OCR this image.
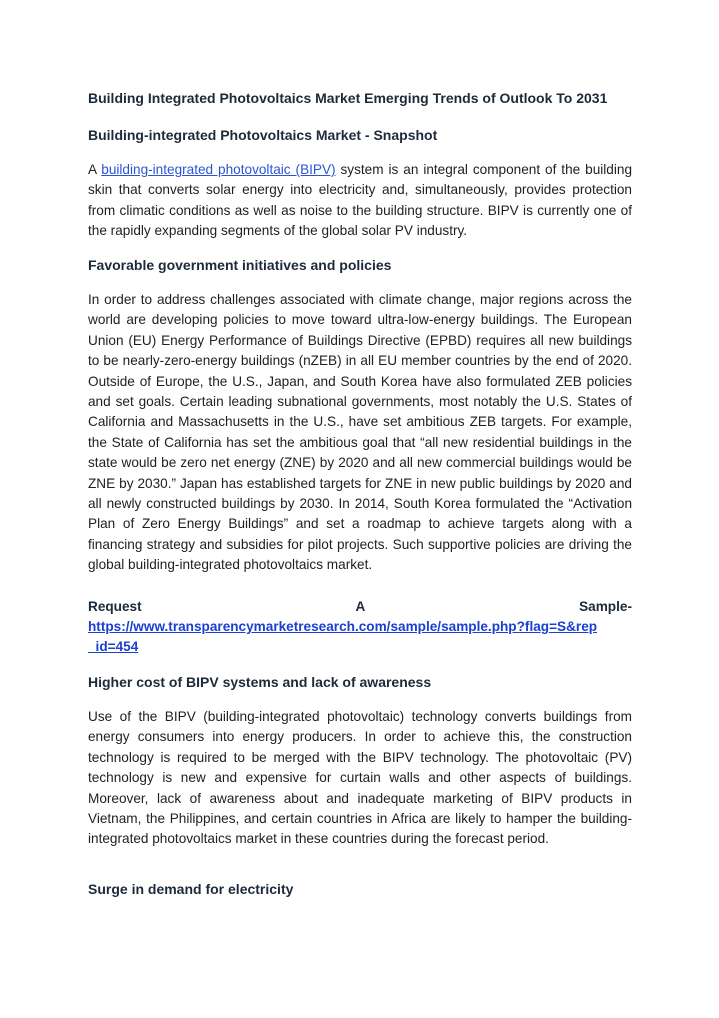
Building Integrated Photovoltaics Market Emerging Trends of Outlook To 2031
Building-integrated Photovoltaics Market - Snapshot

A building-integrated photovoltaic (BIPV) system is an integral component of the building skin that converts solar energy into electricity and, simultaneously, provides protection from climatic conditions as well as noise to the building structure. BIPV is currently one of the rapidly expanding segments of the global solar PV industry.

Favorable government initiatives and policies

In order to address challenges associated with climate change, major regions across the world are developing policies to move toward ultra-low-energy buildings. The European Union (EU) Energy Performance of Buildings Directive (EPBD) requires all new buildings to be nearly-zero-energy buildings (nZEB) in all EU member countries by the end of 2020. Outside of Europe, the U.S., Japan, and South Korea have also formulated ZEB policies and set goals. Certain leading subnational governments, most notably the U.S. States of California and Massachusetts in the U.S., have set ambitious ZEB targets. For example, the State of California has set the ambitious goal that “all new residential buildings in the state would be zero net energy (ZNE) by 2020 and all new commercial buildings would be ZNE by 2030.” Japan has established targets for ZNE in new public buildings by 2020 and all newly constructed buildings by 2030. In 2014, South Korea formulated the “Activation Plan of Zero Energy Buildings” and set a roadmap to achieve targets along with a financing strategy and subsidies for pilot projects. Such supportive policies are driving the global building-integrated photovoltaics market.

Request	A	Sample-
https://www.transparencymarketresearch.com/sample/sample.php?flag=S&rep
_id=454
Higher cost of BIPV systems and lack of awareness

Use of the BIPV (building-integrated photovoltaic) technology converts buildings from energy consumers into energy producers. In order to achieve this, the construction technology is required to be merged with the BIPV technology. The photovoltaic (PV) technology is new and expensive for curtain walls and other aspects of buildings. Moreover, lack of awareness about and inadequate marketing of BIPV products in Vietnam, the Philippines, and certain countries in Africa are likely to hamper the building-integrated photovoltaics market in these countries during the forecast period.

Surge in demand for electricity
